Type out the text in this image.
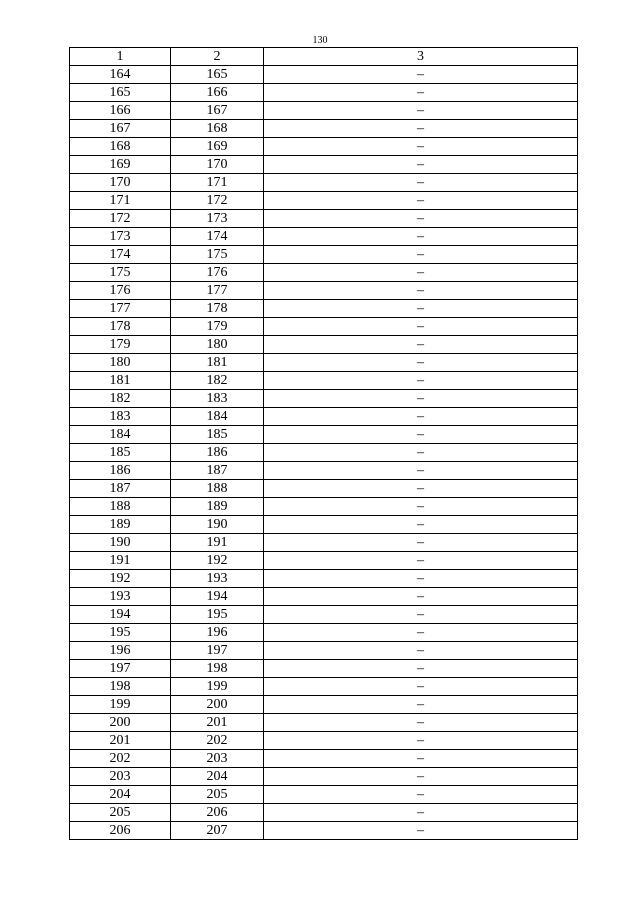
130
1	2	3
164	165	–
165	166	–
166	167	–
167	168	–
168	169	–
169	170	–
170	171	–
171	172	–
172	173	–
173	174	–
174	175	–
175	176	–
176	177	–
177	178	–
178	179	–
179	180	–
180	181	–
181	182	–
182	183	–
183	184	–
184	185	–
185	186	–
186	187	–
187	188	–
188	189	–
189	190	–
190	191	–
191	192	–
192	193	–
193	194	–
194	195	–
195	196	–
196	197	–
197	198	–
198	199	–
199	200	–
200	201	–
201	202	–
202	203	–
203	204	–
204	205	–
205	206	–
206	207	–
